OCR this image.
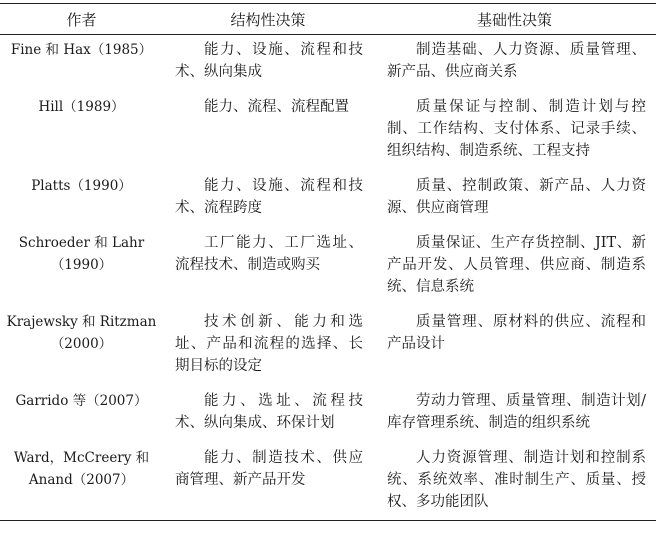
作者	结构性决策	基础性决策
Fine 和 Hax（1985）	能力、设施、流程和技术、纵向集成	制造基础、人力资源、质量管理、新产品、供应商关系
Hill（1989）	能力、流程、流程配置	质量保证与控制、制造计划与控制、工作结构、支付体系、记录手续、组织结构、制造系统、工程支持
Platts（1990）	能力、设施、流程和技术、流程跨度	质量、控制政策、新产品、人力资源、供应商管理
Schroeder 和 Lahr（1990）	工厂能力、工厂选址、流程技术、制造或购买	质量保证、生产存货控制、JIT、新产品开发、人员管理、供应商、制造系统、信息系统
Krajewsky 和 Ritzman（2000）	技术创新、能力和选址、产品和流程的选择、长期目标的设定	质量管理、原材料的供应、流程和产品设计
Garrido 等（2007）	能力、选址、流程技术、纵向集成、环保计划	劳动力管理、质量管理、制造计划/库存管理系统、制造的组织系统
Ward，McCreery 和 Anand（2007）	能力、制造技术、供应商管理、新产品开发	人力资源管理、制造计划和控制系统、系统效率、准时制生产、质量、授权、多功能团队
